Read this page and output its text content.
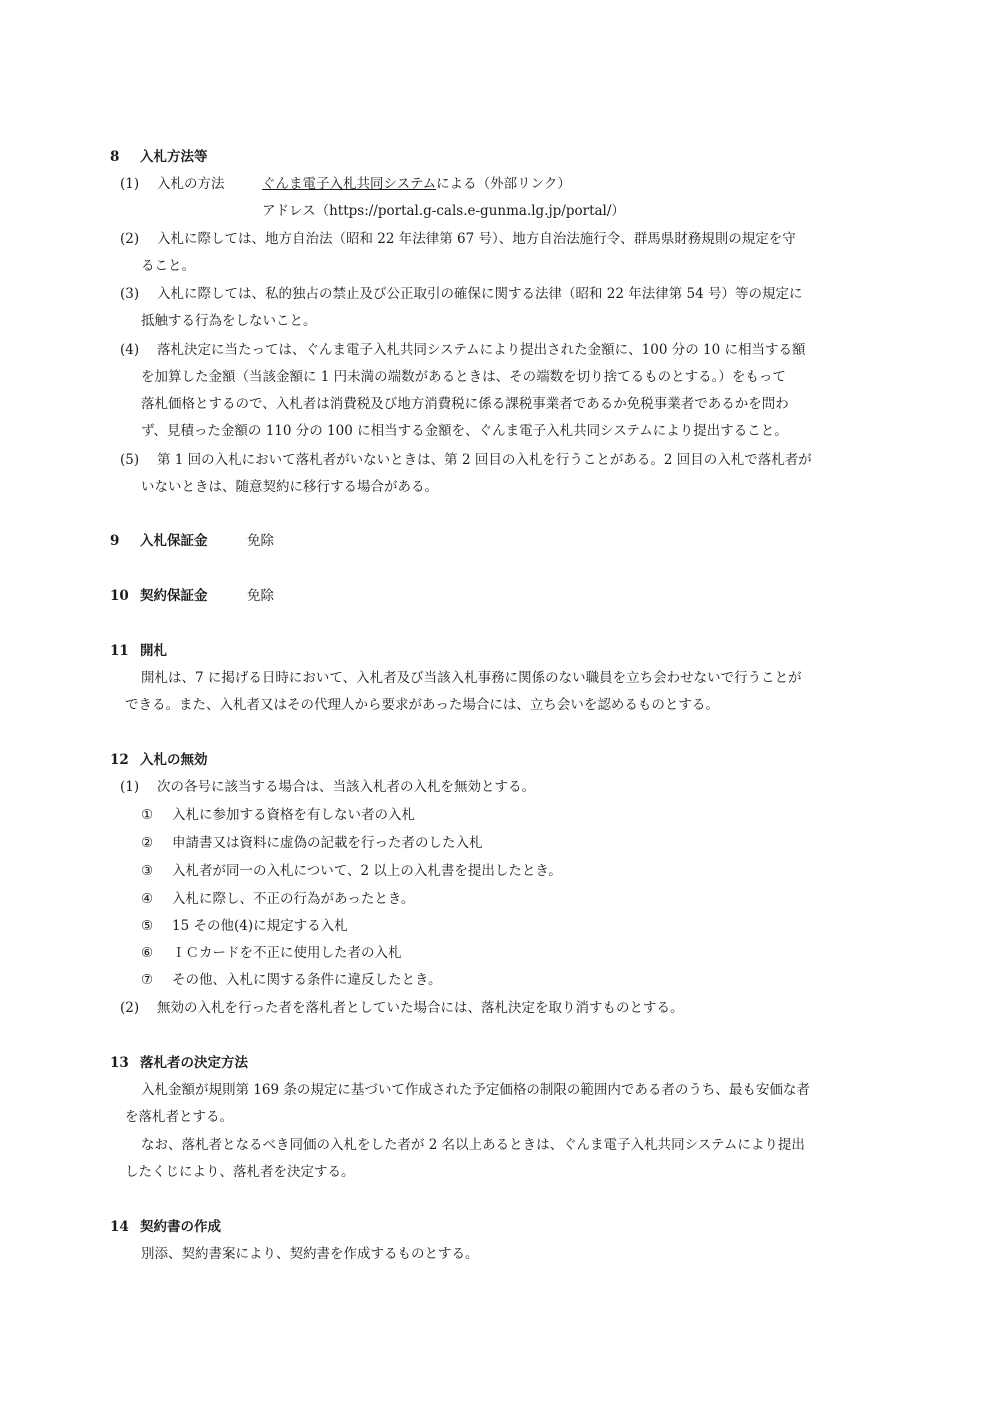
8 入札方法等
(1) 入札の方法	ぐんま電子入札共同システムによる（外部リンク）
アドレス（https://portal.g-cals.e-gunma.lg.jp/portal/）
(2) 入札に際しては、地方自治法（昭和 22 年法律第 67 号）、地方自治法施行令、群馬県財務規則の規定を守
ること。
(3) 入札に際しては、私的独占の禁止及び公正取引の確保に関する法律（昭和 22 年法律第 54 号）等の規定に
抵触する行為をしないこと。
(4) 落札決定に当たっては、ぐんま電子入札共同システムにより提出された金額に、100 分の 10 に相当する額
を加算した金額（当該金額に 1 円未満の端数があるときは、その端数を切り捨てるものとする。）をもって
落札価格とするので、入札者は消費税及び地方消費税に係る課税事業者であるか免税事業者であるかを問わ
ず、見積った金額の 110 分の 100 に相当する金額を、ぐんま電子入札共同システムにより提出すること。
(5) 第 1 回の入札において落札者がいないときは、第 2 回目の入札を行うことがある。2 回目の入札で落札者が
いないときは、随意契約に移行する場合がある。
9 入札保証金	免除
10 契約保証金	免除
11 開札
開札は、7 に掲げる日時において、入札者及び当該入札事務に関係のない職員を立ち会わせないで行うことが
できる。また、入札者又はその代理人から要求があった場合には、立ち会いを認めるものとする。
12 入札の無効
(1) 次の各号に該当する場合は、当該入札者の入札を無効とする。
① 入札に参加する資格を有しない者の入札
② 申請書又は資料に虚偽の記載を行った者のした入札
③ 入札者が同一の入札について、2 以上の入札書を提出したとき。
④ 入札に際し、不正の行為があったとき。
⑤ 15 その他(4)に規定する入札
⑥ ＩＣカードを不正に使用した者の入札
⑦ その他、入札に関する条件に違反したとき。
(2) 無効の入札を行った者を落札者としていた場合には、落札決定を取り消すものとする。
13 落札者の決定方法
入札金額が規則第 169 条の規定に基づいて作成された予定価格の制限の範囲内である者のうち、最も安価な者
を落札者とする。
なお、落札者となるべき同価の入札をした者が 2 名以上あるときは、ぐんま電子入札共同システムにより提出
したくじにより、落札者を決定する。
14 契約書の作成
別添、契約書案により、契約書を作成するものとする。
